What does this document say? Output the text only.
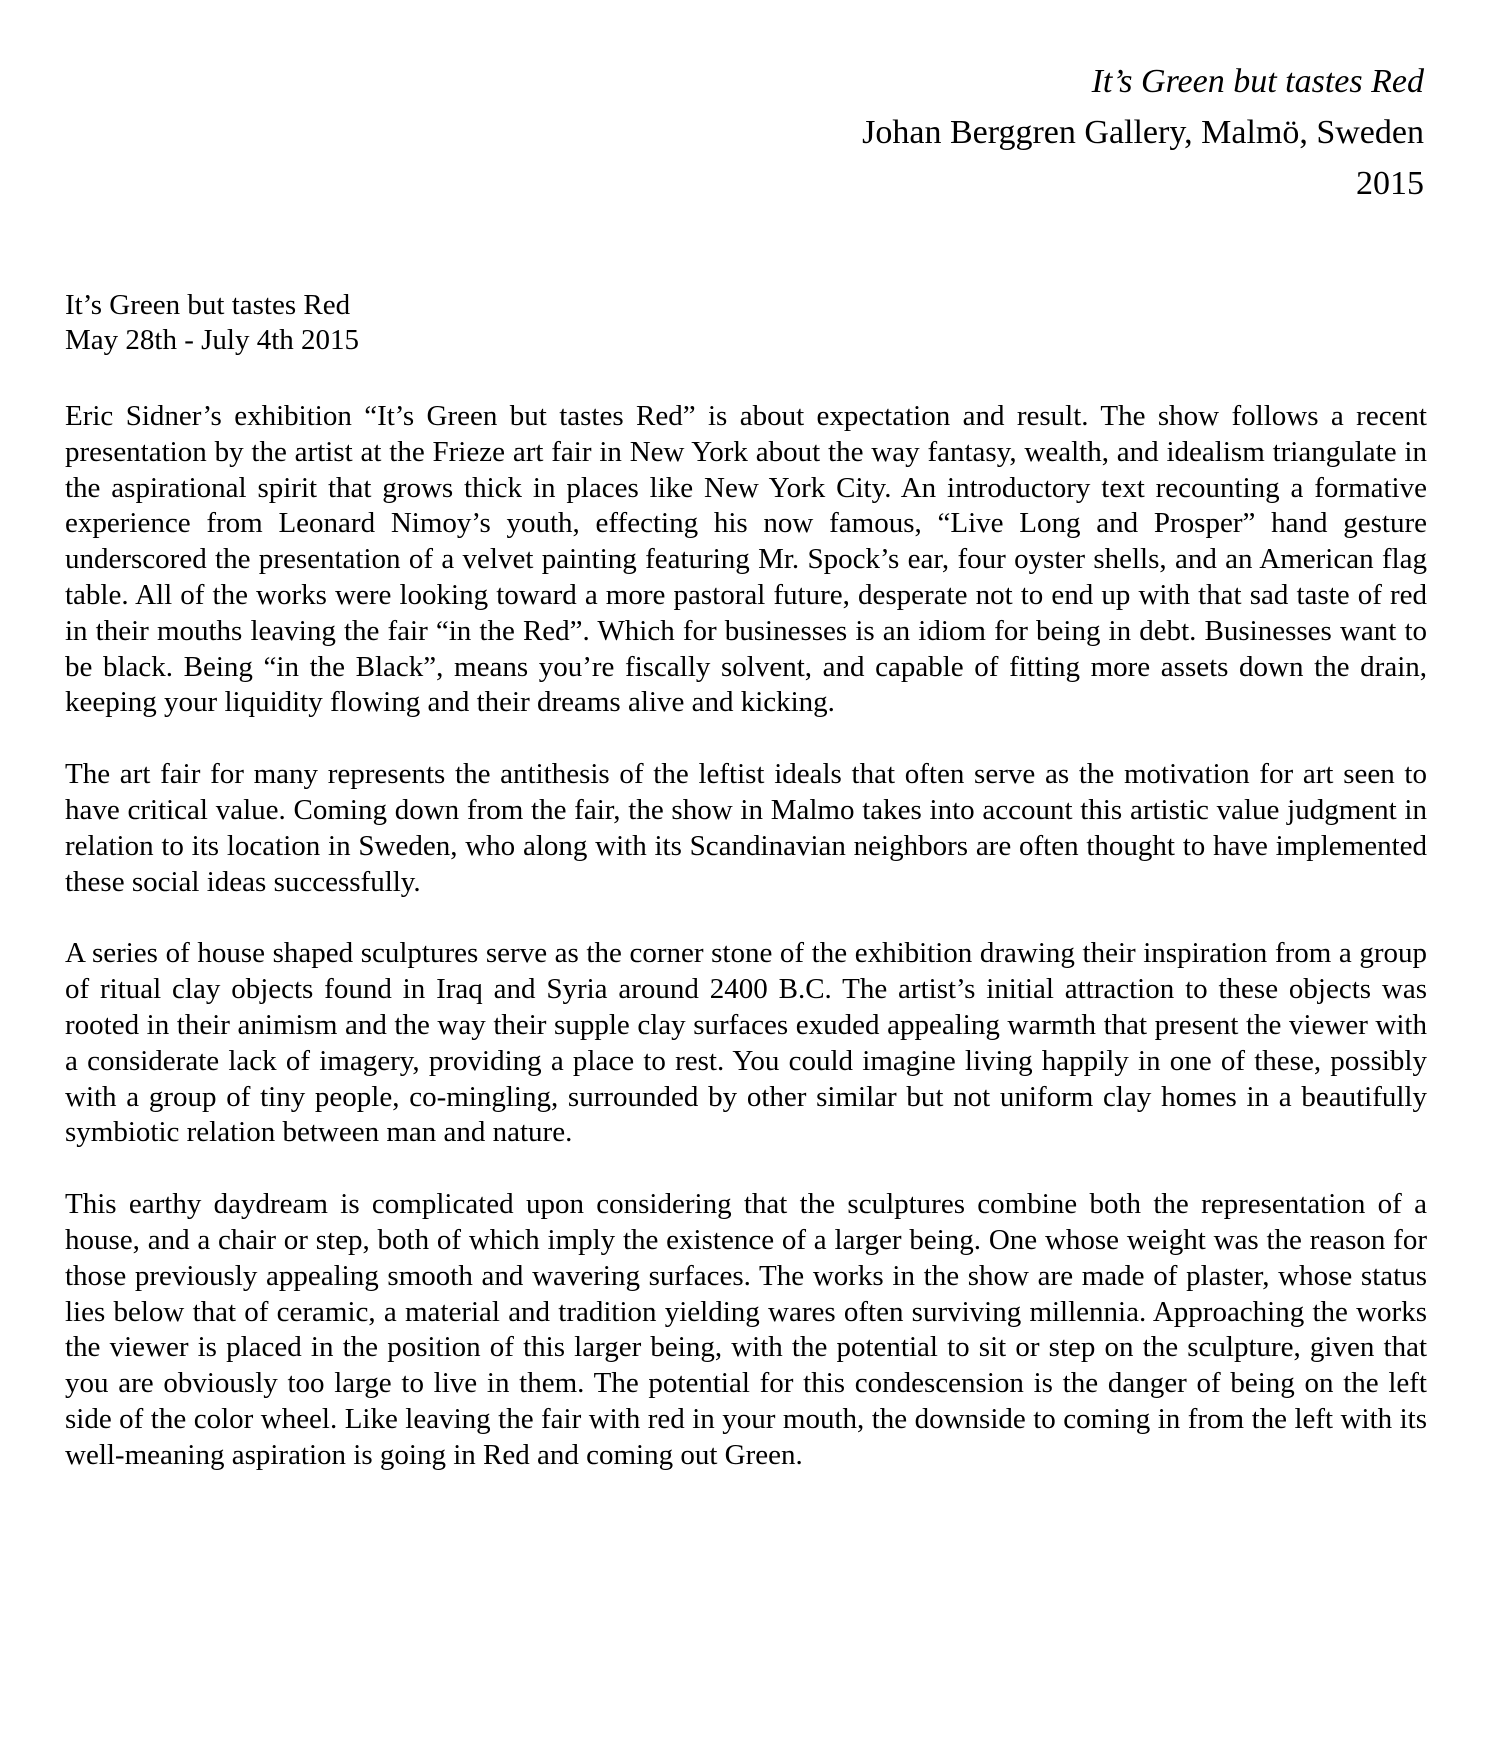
It’s Green but tastes Red
Johan Berggren Gallery, Malmö, Sweden
2015
It’s Green but tastes Red
May 28th - July 4th 2015

Eric Sidner’s exhibition “It’s Green but tastes Red” is about expectation and result. The show follows a recent presentation by the artist at the Frieze art fair in New York about the way fantasy, wealth, and idealism triangulate in the aspirational spirit that grows thick in places like New York City. An introductory text recounting a formative experience from Leonard Nimoy’s youth, effecting his now famous, “Live Long and Prosper” hand gesture underscored the presentation of a velvet painting featuring Mr. Spock’s ear, four oyster shells, and an American flag table. All of the works were looking toward a more pastoral future, desperate not to end up with that sad taste of red in their mouths leaving the fair “in the Red”. Which for businesses is an idiom for being in debt. Businesses want to be black. Being “in the Black”, means you’re fiscally solvent, and capable of fitting more assets down the drain, keeping your liquidity flowing and their dreams alive and kicking.

The art fair for many represents the antithesis of the leftist ideals that often serve as the motivation for art seen to have critical value. Coming down from the fair, the show in Malmo takes into account this artistic value judgment in relation to its location in Sweden, who along with its Scandinavian neighbors are often thought to have implemented these social ideas successfully.

A series of house shaped sculptures serve as the corner stone of the exhibition drawing their inspiration from a group of ritual clay objects found in Iraq and Syria around 2400 B.C. The artist’s initial attraction to these objects was rooted in their animism and the way their supple clay surfaces exuded appealing warmth that present the viewer with a considerate lack of imagery, providing a place to rest. You could imagine living happily in one of these, possibly with a group of tiny people, co-mingling, surrounded by other similar but not uniform clay homes in a beautifully symbiotic relation between man and nature.

This earthy daydream is complicated upon considering that the sculptures combine both the representation of a house, and a chair or step, both of which imply the existence of a larger being. One whose weight was the reason for those previously appealing smooth and wavering surfaces. The works in the show are made of plaster, whose status lies below that of ceramic, a material and tradition yielding wares often surviving millennia. Approaching the works the viewer is placed in the position of this larger being, with the potential to sit or step on the sculpture, given that you are obviously too large to live in them. The potential for this condescension is the danger of being on the left side of the color wheel. Like leaving the fair with red in your mouth, the downside to coming in from the left with its well-meaning aspiration is going in Red and coming out Green.
